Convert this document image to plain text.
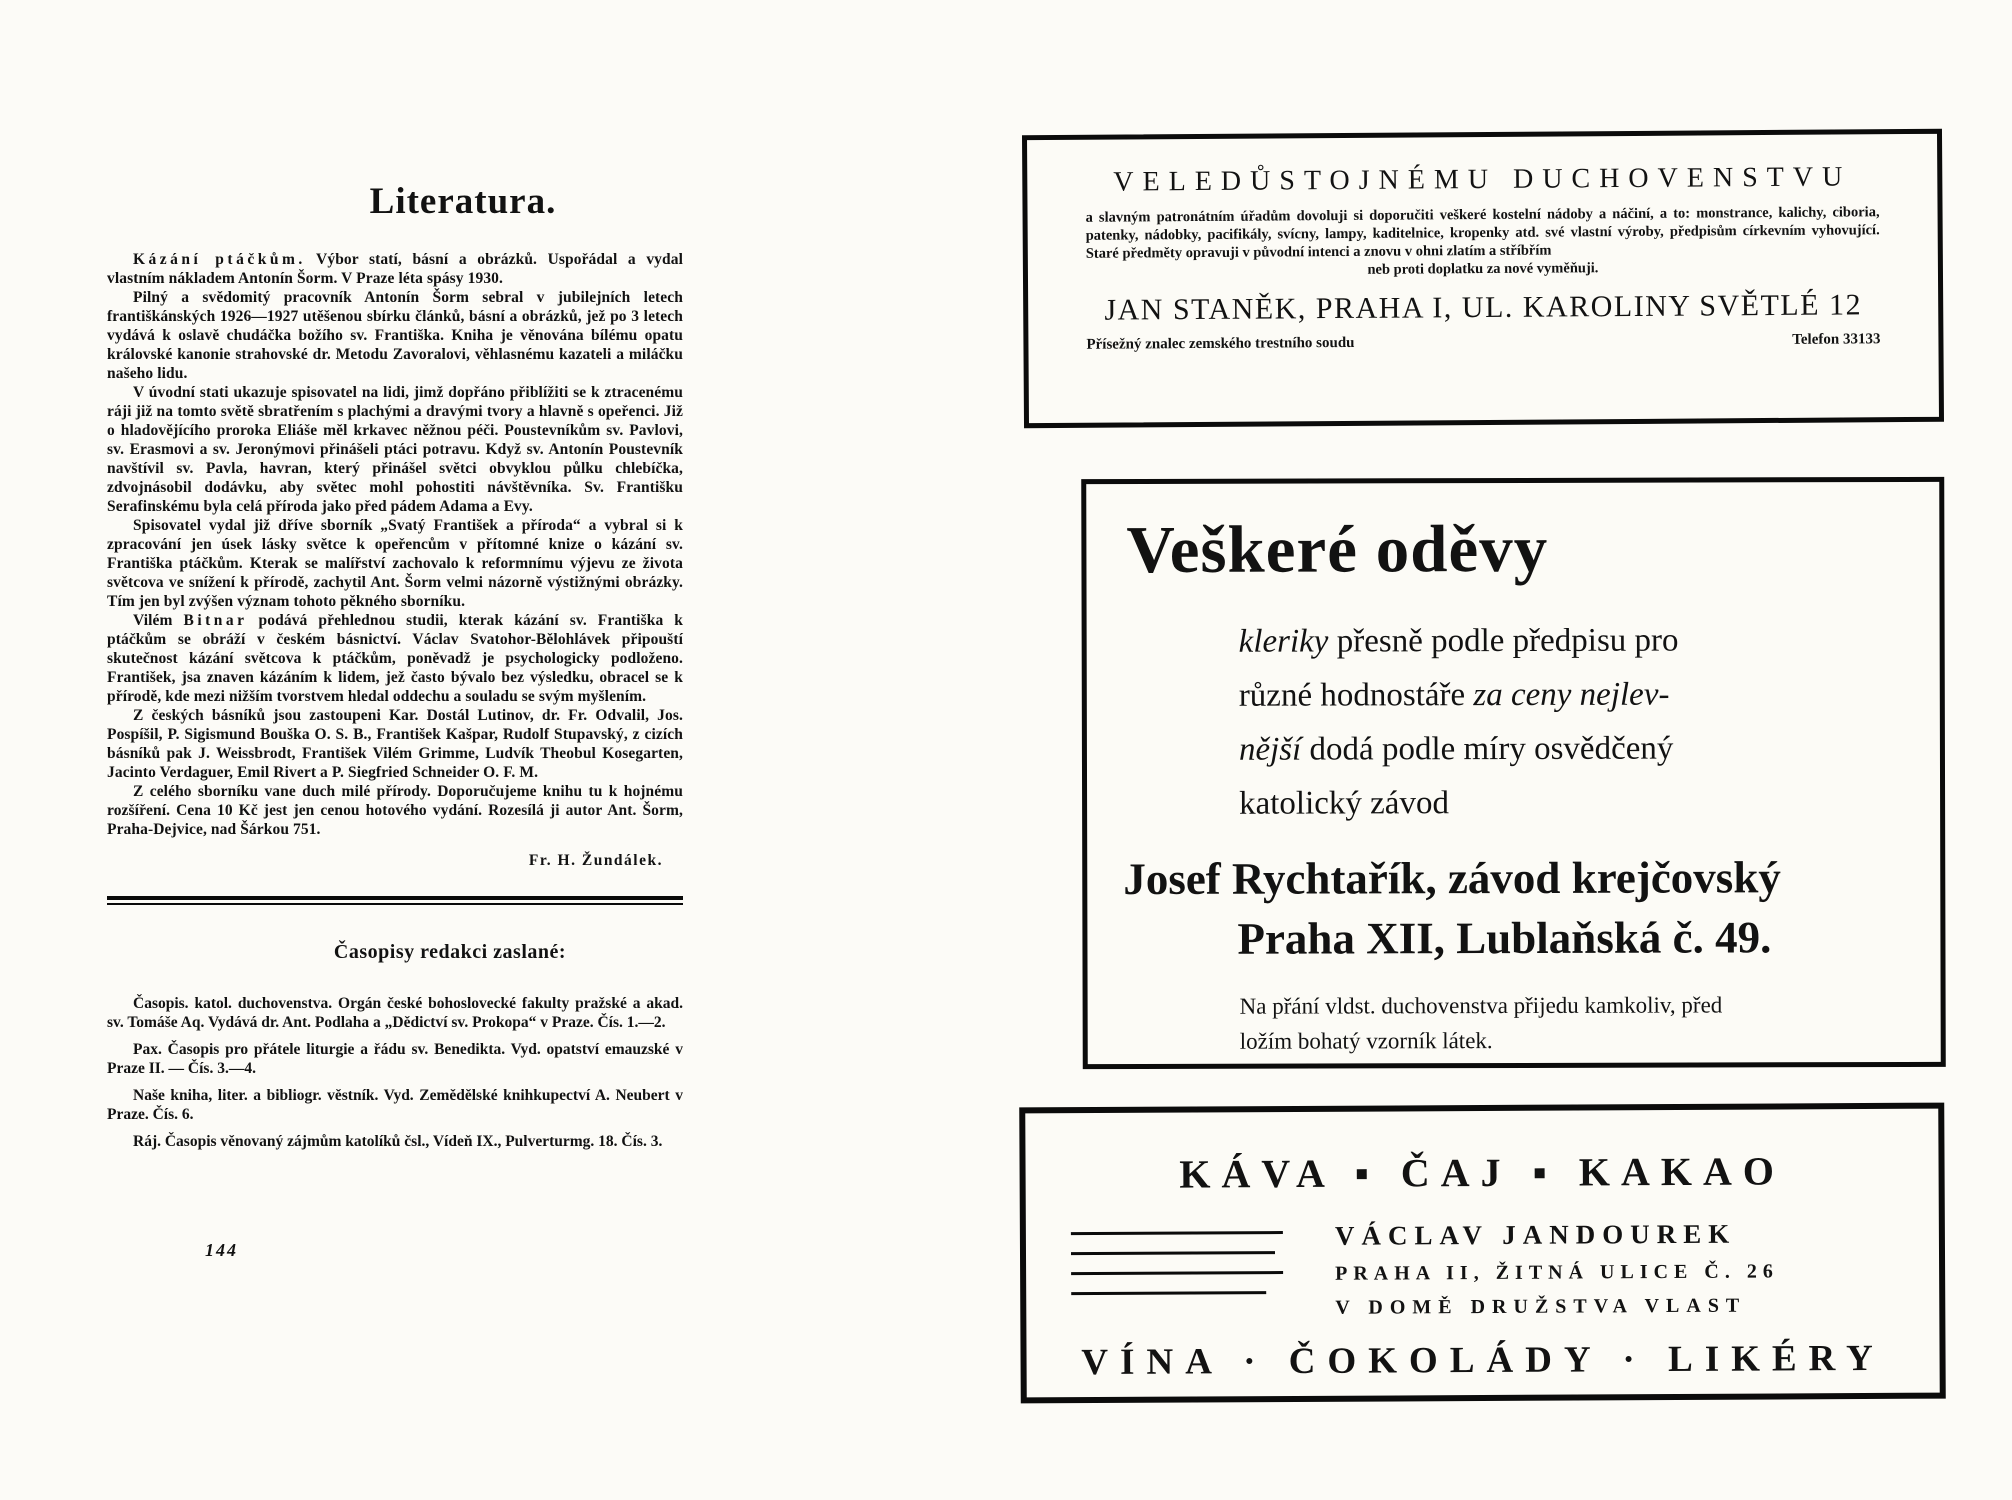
Literatura.

Kázání ptáčkům. Výbor statí, básní a obrázků. Uspořádal a vydal vlastním nákladem Antonín Šorm. V Praze léta spásy 1930.

Pilný a svědomitý pracovník Antonín Šorm sebral v jubilejních letech františkánských 1926—1927 utěšenou sbírku článků, básní a obrázků, jež po 3 letech vydává k oslavě chudáčka božího sv. Františka. Kniha je věnována bílému opatu královské kanonie strahovské dr. Metodu Zavoralovi, věhlasnému kazateli a miláčku našeho lidu.

V úvodní stati ukazuje spisovatel na lidi, jimž dopřáno přiblížiti se k ztracenému ráji již na tomto světě sbratřením s plachými a dravými tvory a hlavně s opeřenci. Již o hladovějícího proroka Eliáše měl krkavec něžnou péči. Poustevníkům sv. Pavlovi, sv. Erasmovi a sv. Jeronýmovi přinášeli ptáci potravu. Když sv. Antonín Poustevník navštívil sv. Pavla, havran, který přinášel světci obvyklou půlku chlebíčka, zdvojnásobil dodávku, aby světec mohl pohostiti návštěvníka. Sv. Františku Serafinskému byla celá příroda jako před pádem Adama a Evy.

Spisovatel vydal již dříve sborník „Svatý František a příroda“ a vybral si k zpracování jen úsek lásky světce k opeřencům v přítomné knize o kázání sv. Františka ptáčkům. Kterak se malířství zachovalo k reformnímu výjevu ze života světcova ve snížení k přírodě, zachytil Ant. Šorm velmi názorně výstižnými obrázky. Tím jen byl zvýšen význam tohoto pěkného sborníku.

Vilém Bitnar podává přehlednou studii, kterak kázání sv. Františka k ptáčkům se obráží v českém básnictví. Václav Svatohor-Bělohlávek připouští skutečnost kázání světcova k ptáčkům, poněvadž je psychologicky podloženo. František, jsa znaven kázáním k lidem, jež často bývalo bez výsledku, obracel se k přírodě, kde mezi nižším tvorstvem hledal oddechu a souladu se svým myšlením.

Z českých básníků jsou zastoupeni Kar. Dostál Lutinov, dr. Fr. Odvalil, Jos. Pospíšil, P. Sigismund Bouška O. S. B., František Kašpar, Rudolf Stupavský, z cizích básníků pak J. Weissbrodt, František Vilém Grimme, Ludvík Theobul Kosegarten, Jacinto Verdaguer, Emil Rivert a P. Siegfried Schneider O. F. M.

Z celého sborníku vane duch milé přírody. Doporučujeme knihu tu k hojnému rozšíření. Cena 10 Kč jest jen cenou hotového vydání. Rozesílá ji autor Ant. Šorm, Praha-Dejvice, nad Šárkou 751.

Fr. H. Žundálek.
Časopisy redakci zaslané:

Časopis. katol. duchovenstva. Orgán české bohoslovecké fakulty pražské a akad. sv. Tomáše Aq. Vydává dr. Ant. Podlaha a „Dědictví sv. Prokopa“ v Praze. Čís. 1.—2.

Pax. Časopis pro přátele liturgie a řádu sv. Benedikta. Vyd. opatství emauzské v Praze II. — Čís. 3.—4.

Naše kniha, liter. a bibliogr. věstník. Vyd. Zemědělské knihkupectví A. Neubert v Praze. Čís. 6.

Ráj. Časopis věnovaný zájmům katolíků čsl., Vídeň IX., Pulverturmg. 18. Čís. 3.

144
VELEDŮSTOJNÉMU DUCHOVENSTVU
a slavným patronátním úřadům dovoluji si doporučiti veškeré kostelní nádoby a náčiní, a to: monstrance, kalichy, ciboria, patenky, nádobky, pacifikály, svícny, lampy, kaditelnice, kropenky atd. své vlastní výroby, předpisům církevním vyhovující. Staré předměty opravuji v původní intenci a znovu v ohni zlatím a stříbřím
neb proti doplatku za nové vyměňuji.
JAN STANĚK, PRAHA I, UL. KAROLINY SVĚTLÉ 12
Přísežný znalec zemského trestního soudu	Telefon 33133
Veškeré oděvy
kleriky přesně podle předpisu pro
různé hodnostáře za ceny nejlev-
nější dodá podle míry osvědčený
katolický závod
Josef Rychtařík, závod krejčovský
Praha XII, Lublaňská č. 49.
Na přání vldst. duchovenstva přijedu kamkoliv, před
ložím bohatý vzorník látek.
KÁVA ▪ ČAJ ▪ KAKAO
VÁCLAV JANDOUREK
PRAHA II, ŽITNÁ ULICE Č. 26
V DOMĚ DRUŽSTVA VLAST
VÍNA · ČOKOLÁDY · LIKÉRY
